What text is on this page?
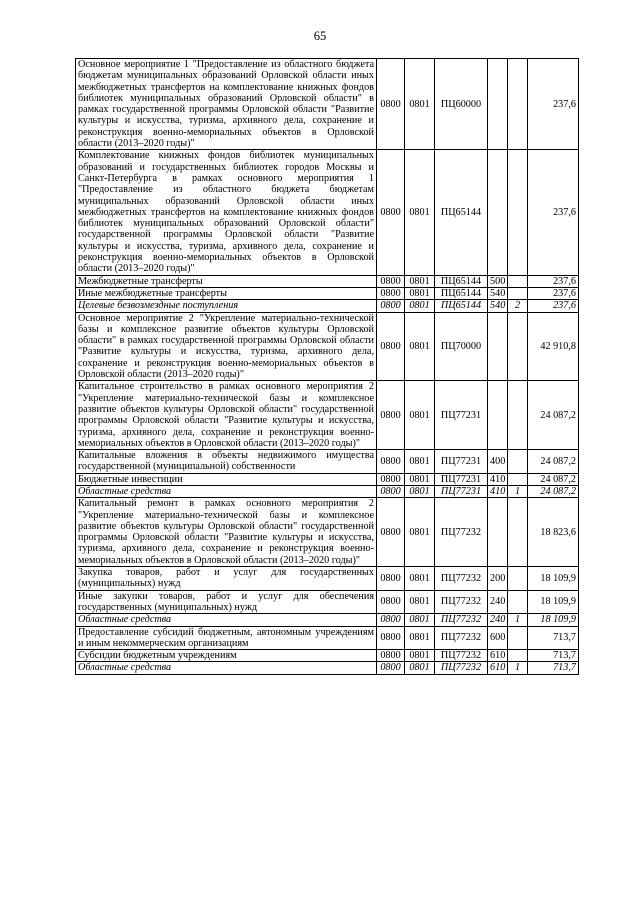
65
Основное мероприятие 1 "Предоставление из областного бюджета бюджетам муниципальных образований Орловской области иных межбюджетных трансфертов на комплектование книжных фондов библиотек муниципальных образований Орловской области" в рамках государственной программы Орловской области "Развитие культуры и искусства, туризма, архивного дела, сохранение и реконструкция военно-мемориальных объектов в Орловской области (2013–2020 годы)"	0800	0801	ПЦ60000			237,6
Комплектование книжных фондов библиотек муниципальных образований и государственных библиотек городов Москвы и Санкт-Петербурга в рамках основного мероприятия 1 "Предоставление из областного бюджета бюджетам муниципальных образований Орловской области иных межбюджетных трансфертов на комплектование книжных фондов библиотек муниципальных образований Орловской области" государственной программы Орловской области "Развитие культуры и искусства, туризма, архивного дела, сохранение и реконструкция военно-мемориальных объектов в Орловской области (2013–2020 годы)"	0800	0801	ПЦ65144			237,6
Межбюджетные трансферты	0800	0801	ПЦ65144	500		237,6
Иные межбюджетные трансферты	0800	0801	ПЦ65144	540		237,6
Целевые безвозмездные поступления	0800	0801	ПЦ65144	540	2	237,6
Основное мероприятие 2 "Укрепление материально-технической базы и комплексное развитие объектов культуры Орловской области" в рамках государственной программы Орловской области "Развитие культуры и искусства, туризма, архивного дела, сохранение и реконструкция военно-мемориальных объектов в Орловской области (2013–2020 годы)"	0800	0801	ПЦ70000			42 910,8
Капитальное строительство в рамках основного мероприятия 2 "Укрепление материально-технической базы и комплексное развитие объектов культуры Орловской области" государственной программы Орловской области "Развитие культуры и искусства, туризма, архивного дела, сохранение и реконструкция военно-мемориальных объектов в Орловской области (2013–2020 годы)"	0800	0801	ПЦ77231			24 087,2
Капитальные вложения в объекты недвижимого имущества государственной (муниципальной) собственности	0800	0801	ПЦ77231	400		24 087,2
Бюджетные инвестиции	0800	0801	ПЦ77231	410		24 087,2
Областные средства	0800	0801	ПЦ77231	410	1	24 087,2
Капитальный ремонт в рамках основного мероприятия 2 "Укрепление материально-технической базы и комплексное развитие объектов культуры Орловской области" государственной программы Орловской области "Развитие культуры и искусства, туризма, архивного дела, сохранение и реконструкция военно-мемориальных объектов в Орловской области (2013–2020 годы)"	0800	0801	ПЦ77232			18 823,6
Закупка товаров, работ и услуг для государственных (муниципальных) нужд	0800	0801	ПЦ77232	200		18 109,9
Иные закупки товаров, работ и услуг для обеспечения государственных (муниципальных) нужд	0800	0801	ПЦ77232	240		18 109,9
Областные средства	0800	0801	ПЦ77232	240	1	18 109,9
Предоставление субсидий бюджетным, автономным учреждениям и иным некоммерческим организациям	0800	0801	ПЦ77232	600		713,7
Субсидии бюджетным учреждениям	0800	0801	ПЦ77232	610		713,7
Областные средства	0800	0801	ПЦ77232	610	1	713,7
